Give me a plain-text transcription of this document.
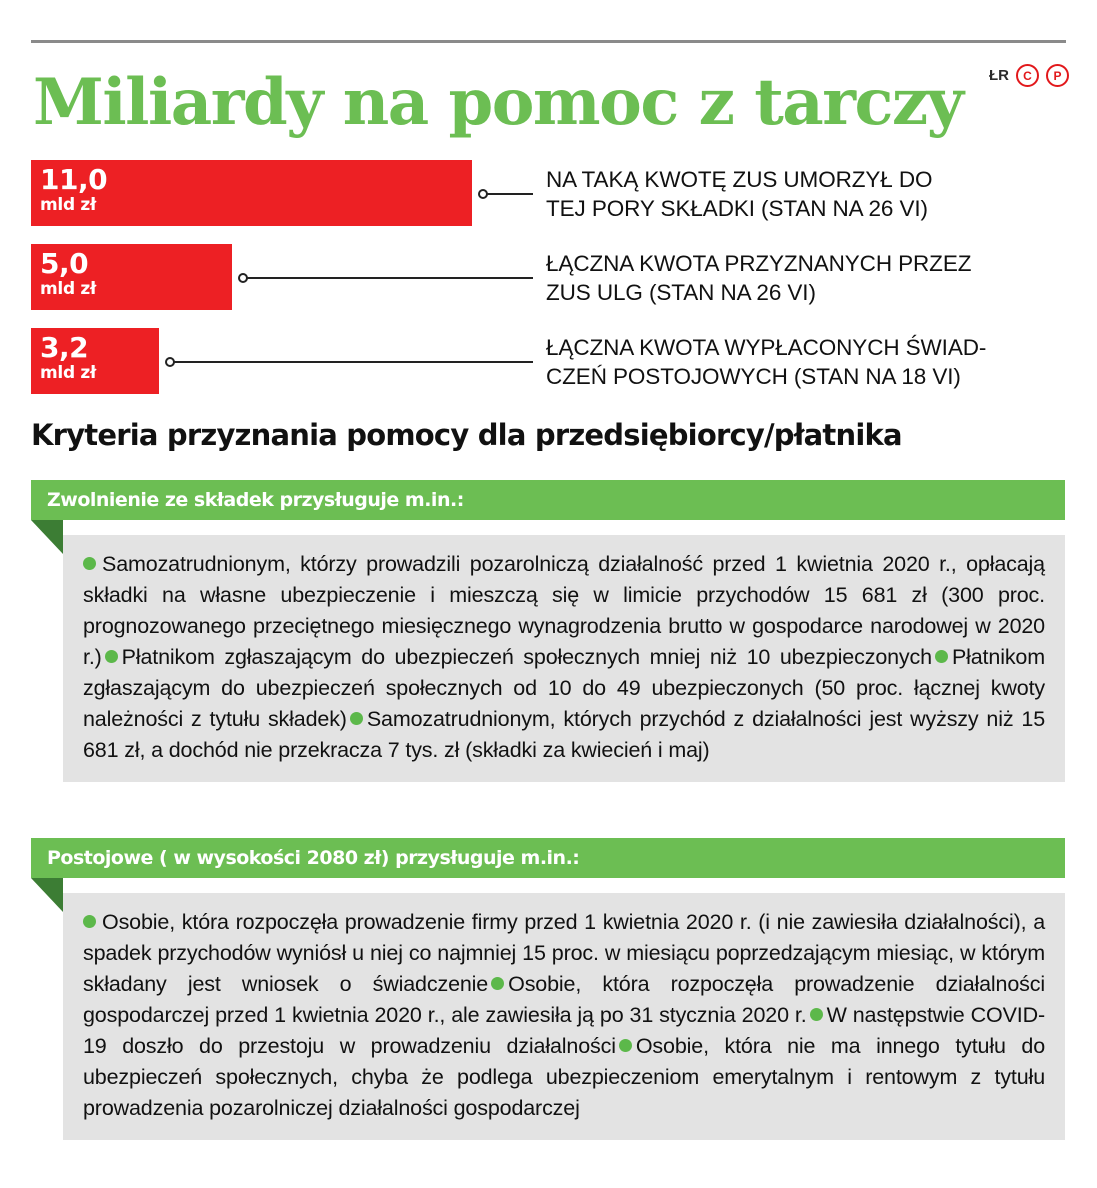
Miliardy na pomoc z tarczy ŁR	C	P
11,0
mld zł
NA TAKĄ KWOTĘ ZUS UMORZYŁ DO
TEJ PORY SKŁADKI (STAN NA 26 VI)
5,0
mld zł
ŁĄCZNA KWOTA PRZYZNANYCH PRZEZ
ZUS ULG (STAN NA 26 VI)
3,2
mld zł
ŁĄCZNA KWOTA WYPŁACONYCH ŚWIAD-
CZEŃ POSTOJOWYCH (STAN NA 18 VI)
Kryteria przyznania pomocy dla przedsiębiorcy/płatnika
Zwolnienie ze składek przysługuje m.in.:

Samozatrudnionym, którzy prowadzili pozarolniczą działalność przed 1 kwietnia 2020 r., opłacają składki na własne ubezpieczenie i mieszczą się w limicie przychodów 15 681 zł (300 proc. prognozowanego przeciętnego miesięcznego wynagrodzenia brutto w gospodarce narodowej w 2020 r.) Płatnikom zgłaszającym do ubezpieczeń społecznych mniej niż 10 ubezpieczonych Płatnikom zgłaszającym do ubezpieczeń społecznych od 10 do 49 ubezpieczonych (50 proc. łącznej kwoty należności z tytułu składek) Samozatrudnionym, których przychód z działalności jest wyższy niż 15 681 zł, a dochód nie przekracza 7 tys. zł (składki za kwiecień i maj)

Postojowe ( w wysokości 2080 zł) przysługuje m.in.:

Osobie, która rozpoczęła prowadzenie firmy przed 1 kwietnia 2020 r. (i nie zawiesiła działalności), a spadek przychodów wyniósł u niej co najmniej 15 proc. w miesiącu poprzedzającym miesiąc, w którym składany jest wniosek o świadczenie Osobie, która rozpoczęła prowadzenie działalności gospodarczej przed 1 kwietnia 2020 r., ale zawiesiła ją po 31 stycznia 2020 r. W następstwie COVID-19 doszło do przestoju w prowadzeniu działalności Osobie, która nie ma innego tytułu do ubezpieczeń społecznych, chyba że podlega ubezpieczeniom emerytalnym i rentowym z tytułu prowadzenia pozarolniczej działalności gospodarczej
